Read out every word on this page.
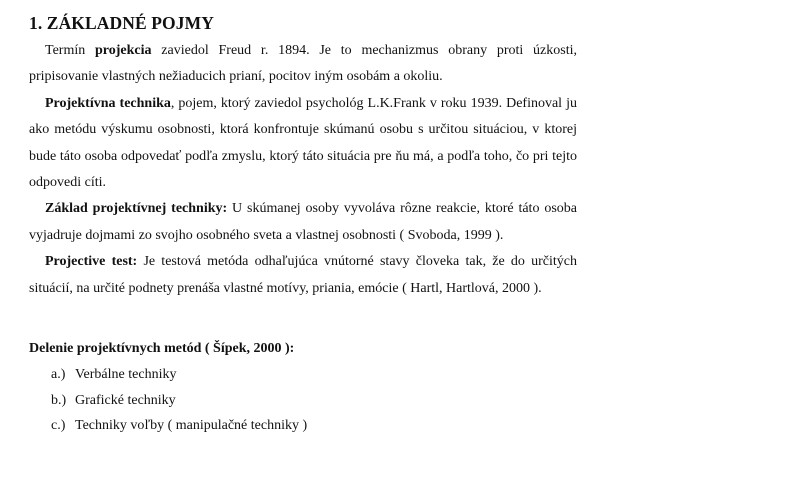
1. ZÁKLADNÉ POJMY

Termín projekcia zaviedol Freud r. 1894. Je to mechanizmus obrany proti úzkosti, pripisovanie vlastných nežiaducich prianí, pocitov iným osobám a okoliu.

Projektívna technika, pojem, ktorý zaviedol psychológ L.K.Frank v roku 1939. Definoval ju ako metódu výskumu osobnosti, ktorá konfrontuje skúmanú osobu s určitou situáciou, v ktorej bude táto osoba odpovedať podľa zmyslu, ktorý táto situácia pre ňu má, a podľa toho, čo pri tejto odpovedi cíti.

Základ projektívnej techniky: U skúmanej osoby vyvoláva rôzne reakcie, ktoré táto osoba vyjadruje dojmami zo svojho osobného sveta a vlastnej osobnosti ( Svoboda, 1999 ).

Projective test: Je testová metóda odhaľujúca vnútorné stavy človeka tak, že do určitých situácií, na určité podnety prenáša vlastné motívy, priania, emócie ( Hartl, Hartlová, 2000 ).

Delenie projektívnych metód ( Šípek, 2000 ):

a.) Verbálne techniky
b.) Grafické techniky
c.) Techniky voľby ( manipulačné techniky )
